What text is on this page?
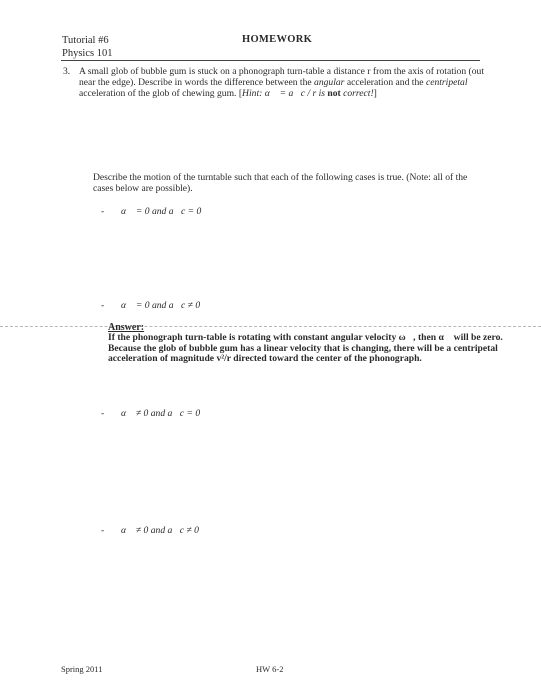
Tutorial #6
Physics 101
HOMEWORK
3. A small glob of bubble gum is stuck on a phonograph turn-table a distance r from the axis of rotation (out near the edge). Describe in words the difference between the angular acceleration and the centripetal acceleration of the glob of chewing gum. [Hint: α⃗ = a⃗c / r is not correct!]
Describe the motion of the turntable such that each of the following cases is true. (Note: all of the cases below are possible).
- α⃗ = 0 and a⃗c = 0
- α⃗ = 0 and a⃗c ≠ 0
Answer:
If the phonograph turn-table is rotating with constant angular velocity ω⃗, then α⃗ will be zero. Because the glob of bubble gum has a linear velocity that is changing, there will be a centripetal acceleration of magnitude v²/r directed toward the center of the phonograph.
- α⃗ ≠ 0 and a⃗c = 0
- α⃗ ≠ 0 and a⃗c ≠ 0
Spring 2011	HW 6-2
